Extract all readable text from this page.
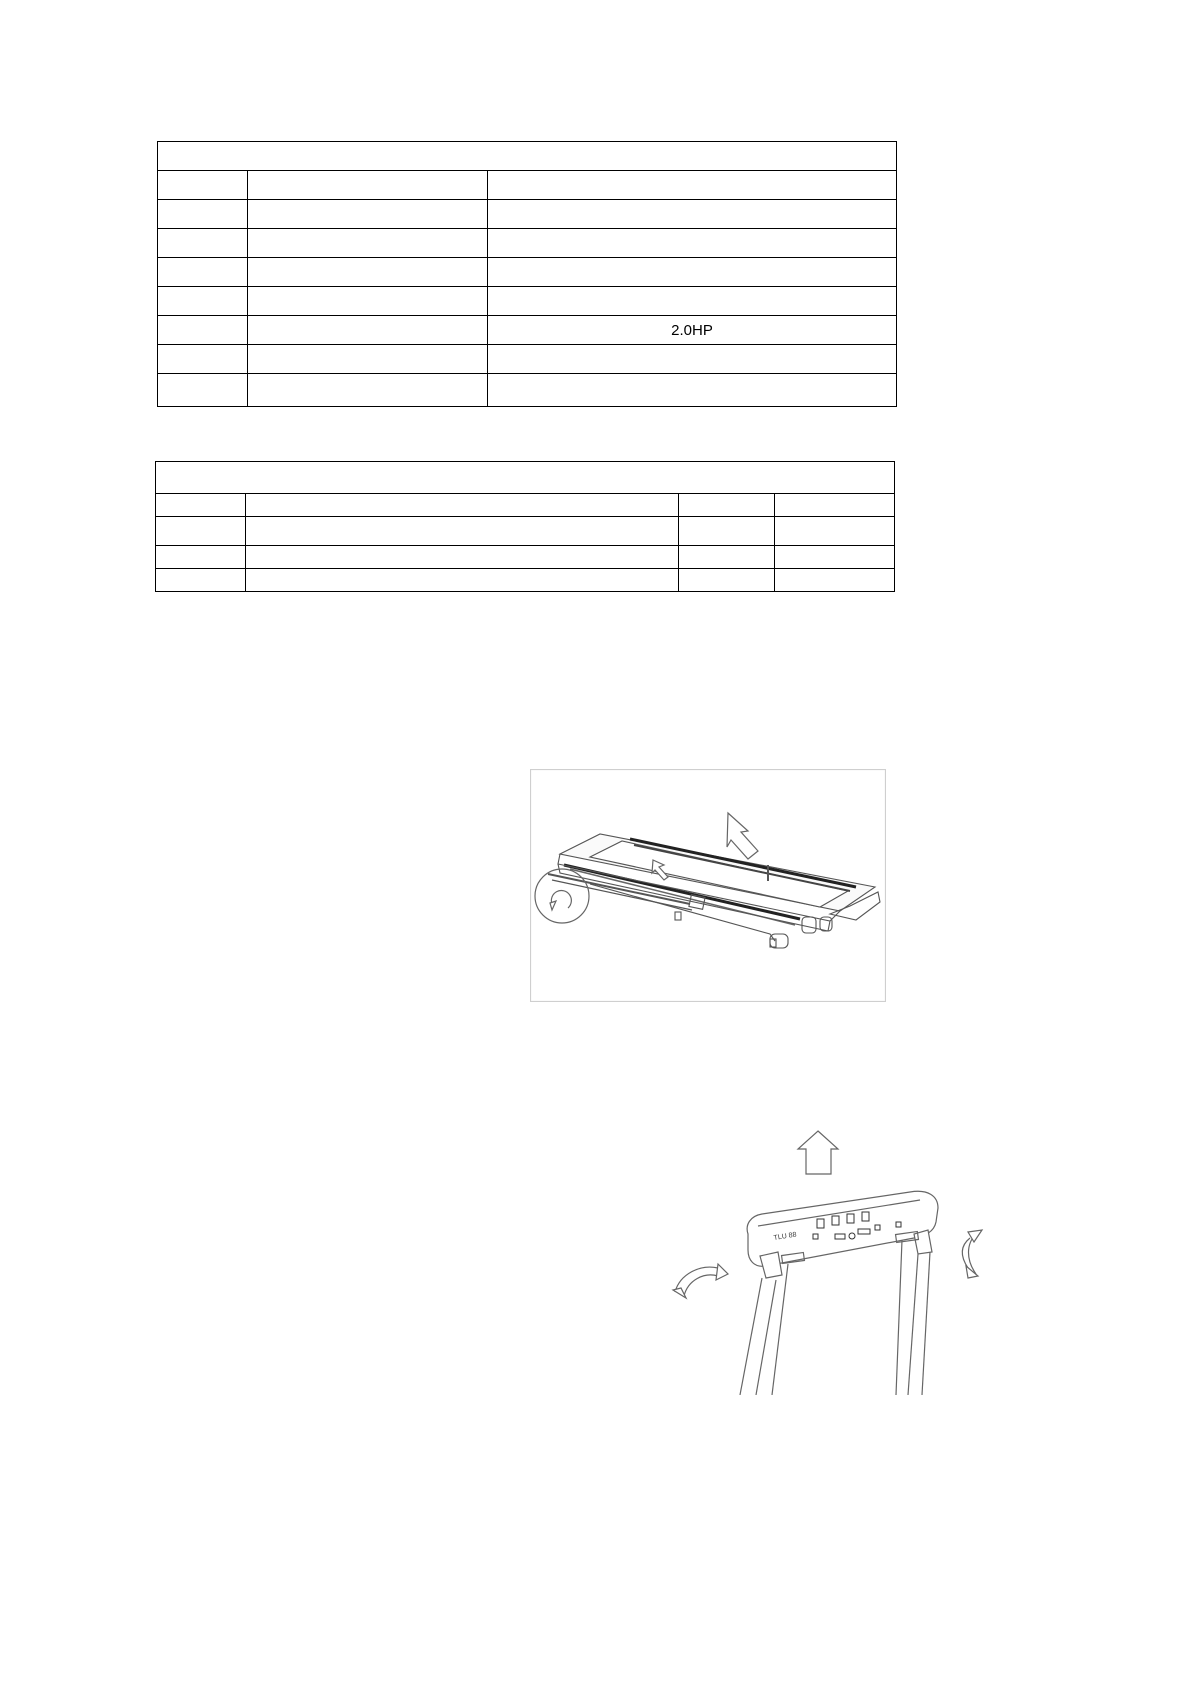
		2.0HP

TLU 88
